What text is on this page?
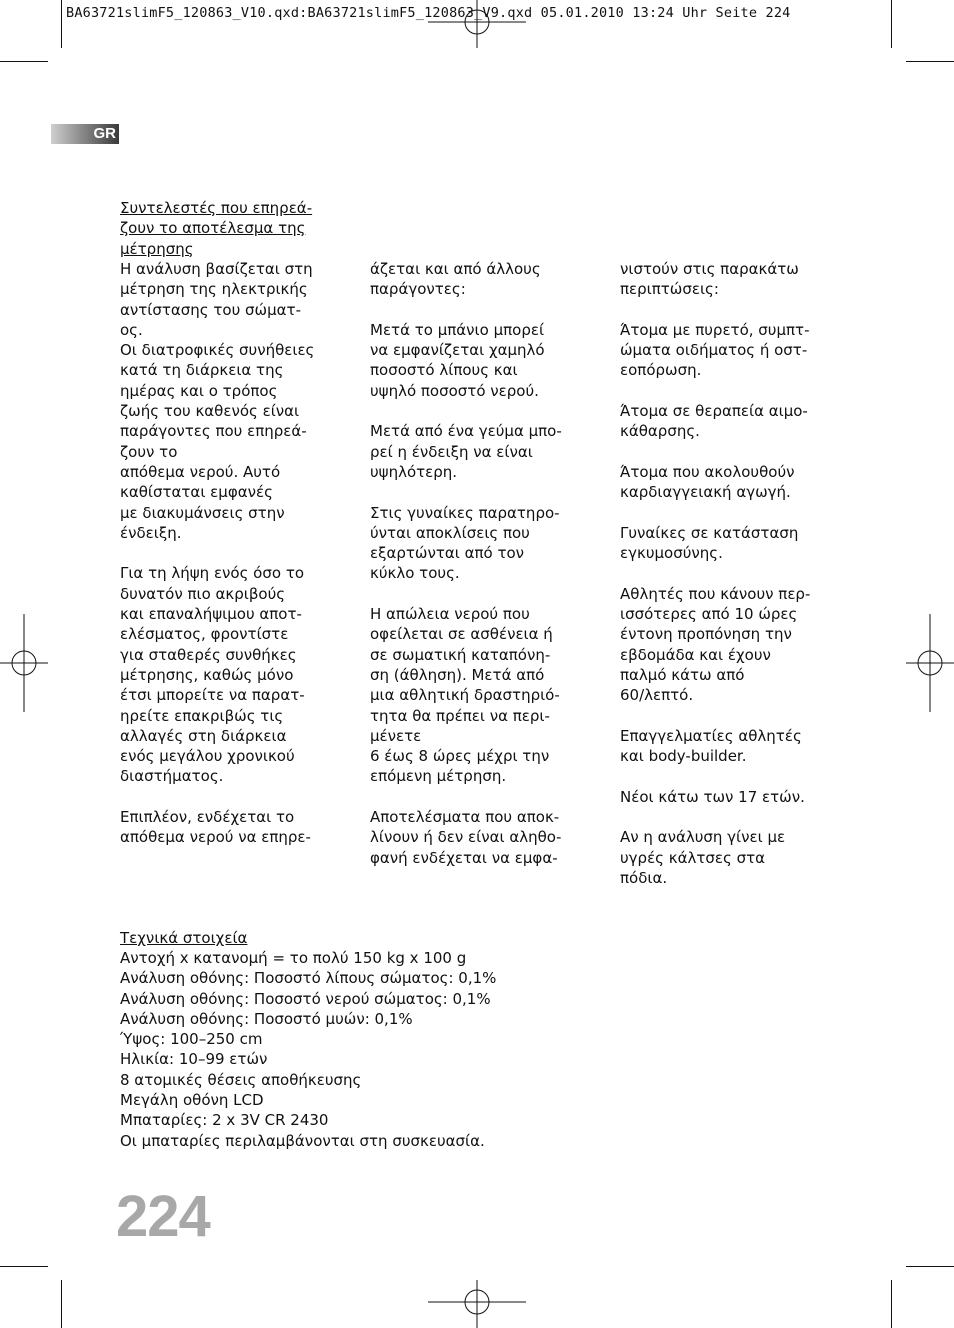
BA63721slimF5_120863_V10.qxd:BA63721slimF5_120863_V9.qxd 05.01.2010 13:24 Uhr Seite 224
GR
Συντελεστές που επηρεά-
ζουν το αποτέλεσμα της
μέτρησης

Η ανάλυση βασίζεται στη
μέτρηση της ηλεκτρικής
αντίστασης του σώματ-
ος.
Οι διατροφικές συνήθειες
κατά τη διάρκεια της
ημέρας και ο τρόπος
ζωής του καθενός είναι
παράγοντες που επηρεά-
ζουν το
απόθεμα νερού. Αυτό
καθίσταται εμφανές
με διακυμάνσεις στην
ένδειξη.

Για τη λήψη ενός όσο το
δυνατόν πιο ακριβούς
και επαναλήψιμου αποτ-
ελέσματος, φροντίστε
για σταθερές συνθήκες
μέτρησης, καθώς μόνο
έτσι μπορείτε να παρατ-
ηρείτε επακριβώς τις
αλλαγές στη διάρκεια
ενός μεγάλου χρονικού
διαστήματος.

Επιπλέον, ενδέχεται το
απόθεμα νερού να επηρε-

άζεται και από άλλους
παράγοντες:

Μετά το μπάνιο μπορεί
να εμφανίζεται χαμηλό
ποσοστό λίπους και
υψηλό ποσοστό νερού.

Μετά από ένα γεύμα μπο-
ρεί η ένδειξη να είναι
υψηλότερη.

Στις γυναίκες παρατηρο-
ύνται αποκλίσεις που
εξαρτώνται από τον
κύκλο τους.

Η απώλεια νερού που
οφείλεται σε ασθένεια ή
σε σωματική καταπόνη-
ση (άθληση). Μετά από
μια αθλητική δραστηριό-
τητα θα πρέπει να περι-
μένετε
6 έως 8 ώρες μέχρι την
επόμενη μέτρηση.

Αποτελέσματα που αποκ-
λίνουν ή δεν είναι αληθο-
φανή ενδέχεται να εμφα-

νιστούν στις παρακάτω
περιπτώσεις:

Άτομα με πυρετό, συμπτ-
ώματα οιδήματος ή οστ-
εοπόρωση.

Άτομα σε θεραπεία αιμο-
κάθαρσης.

Άτομα που ακολουθούν
καρδιαγγειακή αγωγή.

Γυναίκες σε κατάσταση
εγκυμοσύνης.

Αθλητές που κάνουν περ-
ισσότερες από 10 ώρες
έντονη προπόνηση την
εβδομάδα και έχουν
παλμό κάτω από
60/λεπτό.

Επαγγελματίες αθλητές
και body-builder.

Νέοι κάτω των 17 ετών.

Αν η ανάλυση γίνει με
υγρές κάλτσες στα
πόδια.

Τεχνικά στοιχεία
Αντοχή x κατανομή = το πολύ 150 kg x 100 g
Ανάλυση οθόνης: Ποσοστό λίπους σώματος: 0,1%
Ανάλυση οθόνης: Ποσοστό νερού σώματος: 0,1%
Ανάλυση οθόνης: Ποσοστό μυών: 0,1%
Ύψος: 100–250 cm
Ηλικία: 10–99 ετών
8 ατομικές θέσεις αποθήκευσης
Μεγάλη οθόνη LCD
Μπαταρίες: 2 x 3V CR 2430
Οι μπαταρίες περιλαμβάνονται στη συσκευασία.
224
